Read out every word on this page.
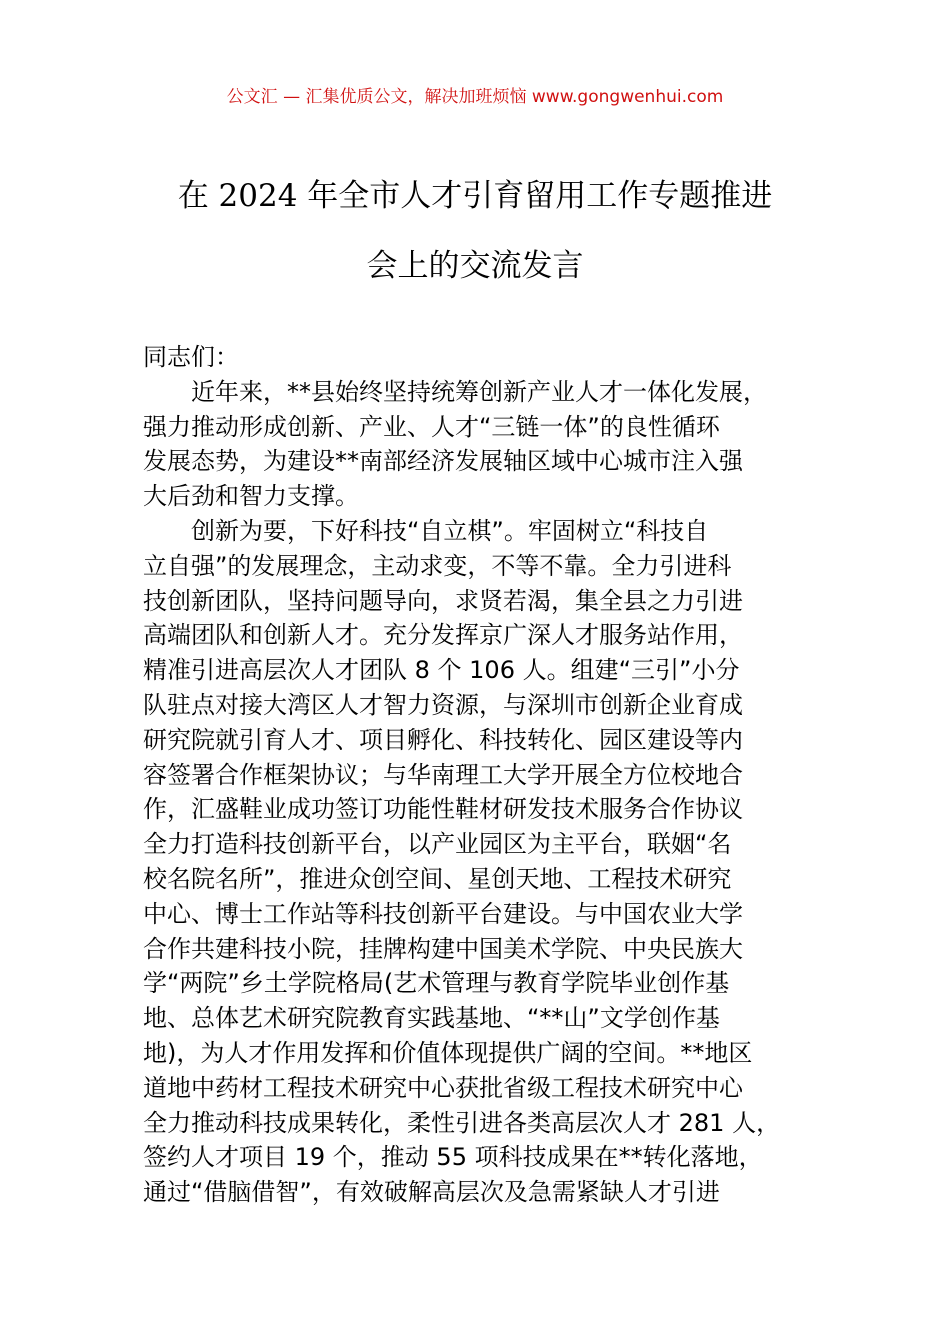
公文汇 — 汇集优质公文，解决加班烦恼 www.gongwenhui.com
在 2024 年全市人才引育留用工作专题推进
会上的交流发言
同志们：
近年来，**县始终坚持统筹创新产业人才一体化发展，
强力推动形成创新、产业、人才“三链一体”的良性循环
发展态势，为建设**南部经济发展轴区域中心城市注入强
大后劲和智力支撑。
创新为要，下好科技“自立棋”。牢固树立“科技自
立自强”的发展理念，主动求变，不等不靠。全力引进科
技创新团队，坚持问题导向，求贤若渴，集全县之力引进
高端团队和创新人才。充分发挥京广深人才服务站作用，
精准引进高层次人才团队 8 个 106 人。组建“三引”小分
队驻点对接大湾区人才智力资源，与深圳市创新企业育成
研究院就引育人才、项目孵化、科技转化、园区建设等内
容签署合作框架协议；与华南理工大学开展全方位校地合
作，汇盛鞋业成功签订功能性鞋材研发技术服务合作协议
全力打造科技创新平台，以产业园区为主平台，联姻“名
校名院名所”，推进众创空间、星创天地、工程技术研究
中心、博士工作站等科技创新平台建设。与中国农业大学
合作共建科技小院，挂牌构建中国美术学院、中央民族大
学“两院”乡土学院格局(艺术管理与教育学院毕业创作基
地、总体艺术研究院教育实践基地、“**山”文学创作基
地)，为人才作用发挥和价值体现提供广阔的空间。**地区
道地中药材工程技术研究中心获批省级工程技术研究中心
全力推动科技成果转化，柔性引进各类高层次人才 281 人，
签约人才项目 19 个，推动 55 项科技成果在**转化落地，
通过“借脑借智”，有效破解高层次及急需紧缺人才引进
